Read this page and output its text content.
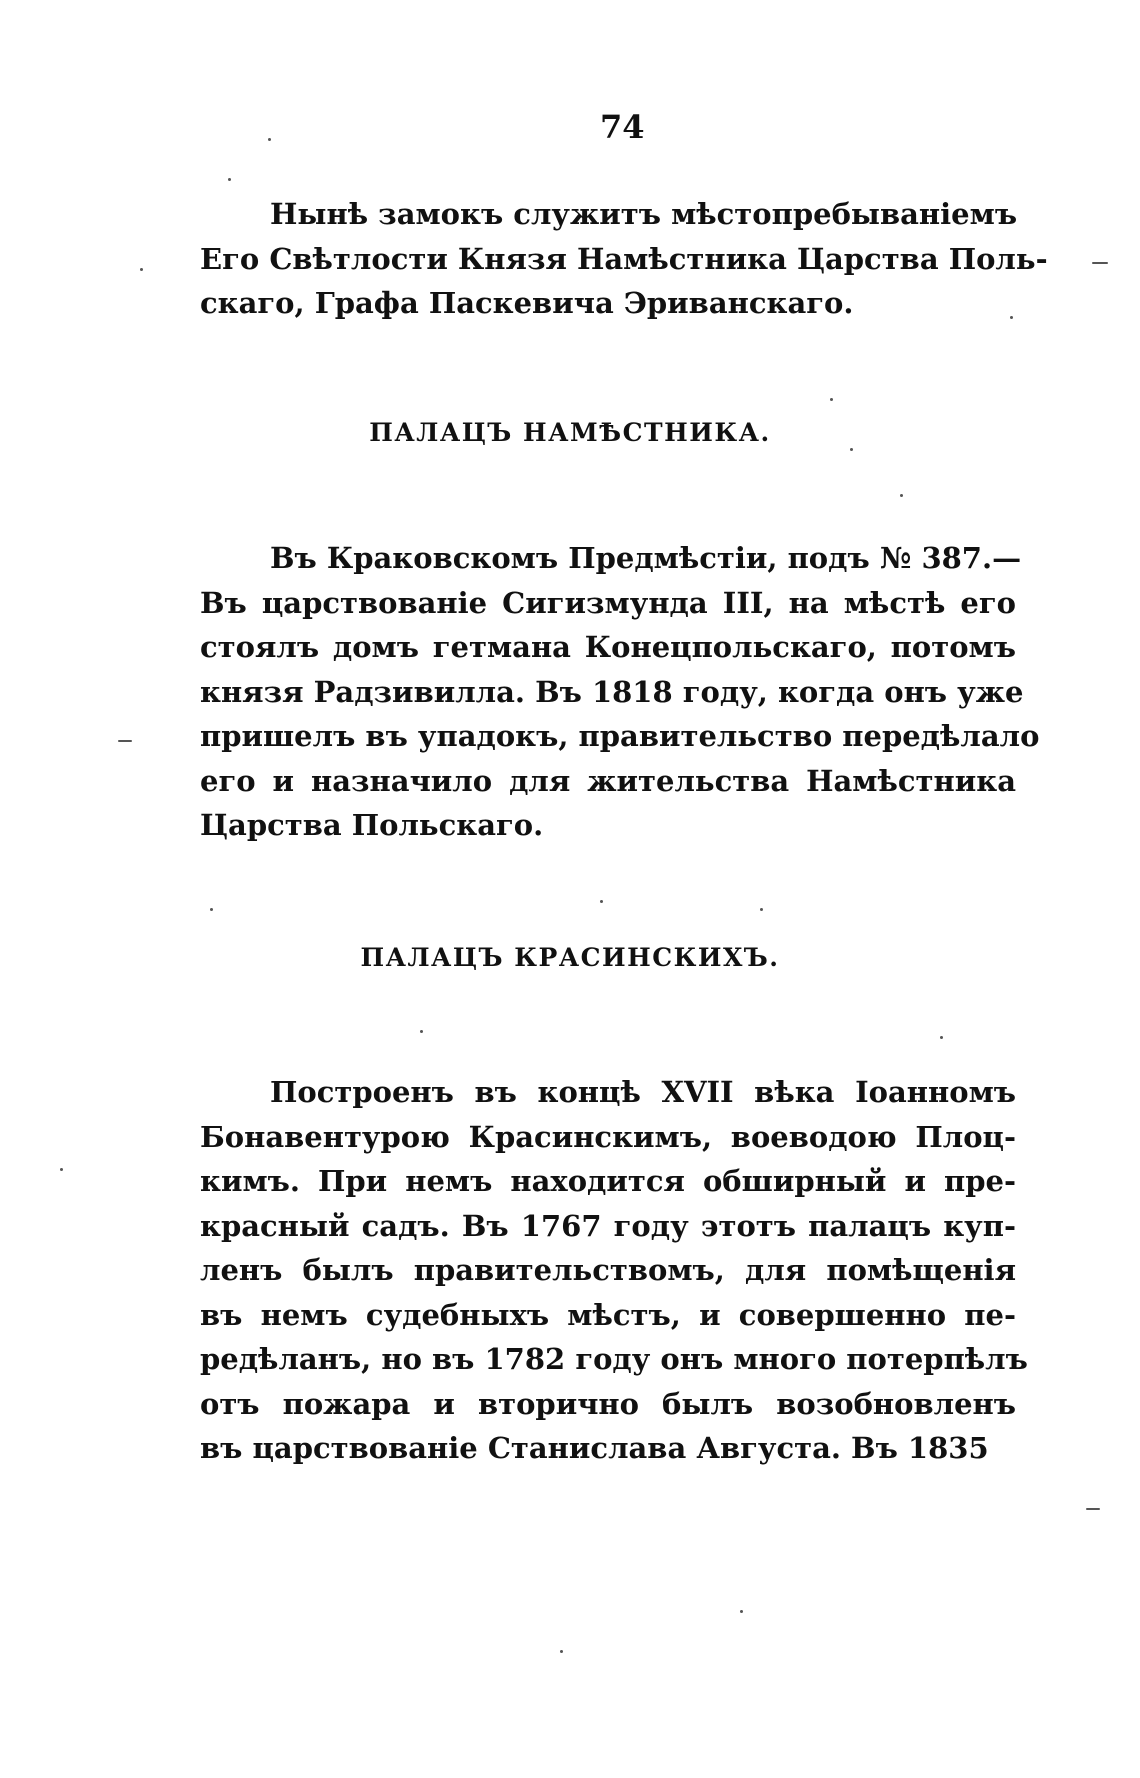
74
Нынѣ замокъ служитъ мѣстопребываніемъ
Его Свѣтлости Князя Намѣстника Царства Поль-
скаго, Графа Паскевича Эриванскаго.
ПАЛАЦЪ НАМѢСТНИКА.
Въ Краковскомъ Предмѣстіи, подъ № 387.—
Въ царствованіе Сигизмунда III, на мѣстѣ его
стоялъ домъ гетмана Конецпольскаго, потомъ
князя Радзивилла. Въ 1818 году, когда онъ уже
пришелъ въ упадокъ, правительство передѣлало
его и назначило для жительства Намѣстника
Царства Польскаго.
ПАЛАЦЪ КРАСИНСКИХЪ.
Построенъ въ концѣ XVII вѣка Іоанномъ
Бонавентурою Красинскимъ, воеводою Плоц-
кимъ. При немъ находится обширный и пре-
красный садъ. Въ 1767 году этотъ палацъ куп-
ленъ былъ правительствомъ, для помѣщенія
въ немъ судебныхъ мѣстъ, и совершенно пе-
редѣланъ, но въ 1782 году онъ много потерпѣлъ
отъ пожара и вторично былъ возобновленъ
въ царствованіе Станислава Августа. Въ 1835
